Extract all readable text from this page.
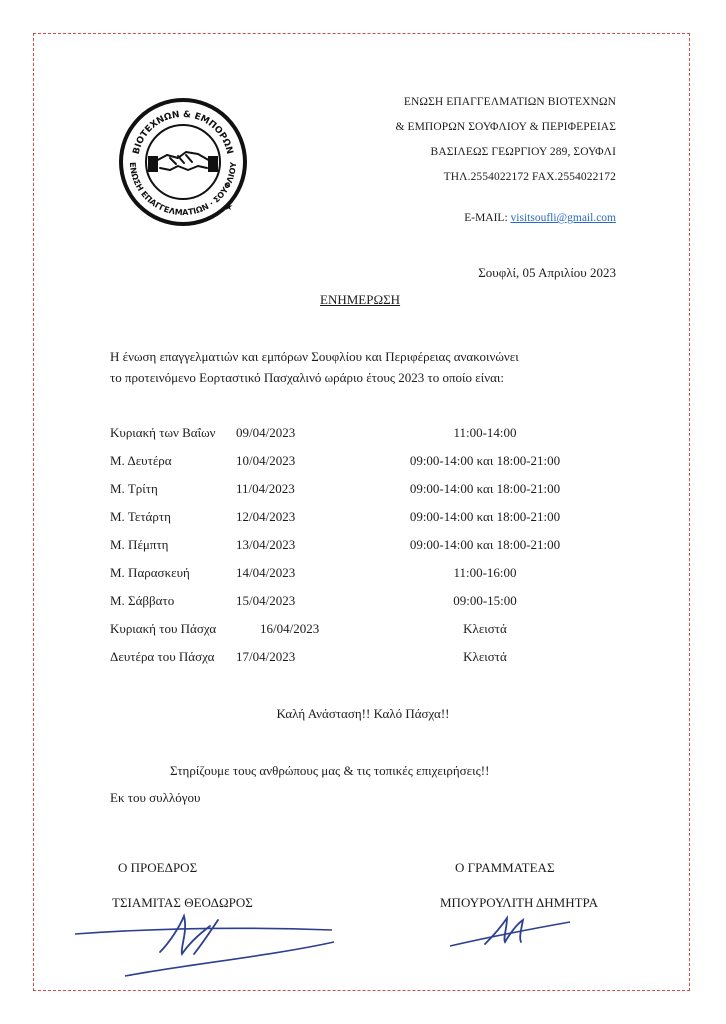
ΒΙΟΤΕΧΝΩΝ & ΕΜΠΟΡΩΝ
ΕΝΩΣΗ ΕΠΑΓΓΕΛΜΑΤΙΩΝ · ΣΟΥΦΛΙΟΥ
★
ΕΝΩΣΗ ΕΠΑΓΓΕΛΜΑΤΙΩΝ ΒΙΟΤΕΧΝΩΝ
& ΕΜΠΟΡΩΝ ΣΟΥΦΛΙΟΥ & ΠΕΡΙΦΕΡΕΙΑΣ
ΒΑΣΙΛΕΩΣ ΓΕΩΡΓΙΟΥ 289, ΣΟΥΦΛΙ
ΤΗΛ.2554022172 FAX.2554022172
E-MAIL: visitsoufli@gmail.com
Σουφλί, 05 Απριλίου 2023
ΕΝΗΜΕΡΩΣΗ
Η ένωση επαγγελματιών και εμπόρων Σουφλίου και Περιφέρειας ανακοινώνει
το προτεινόμενο Εορταστικό Πασχαλινό ωράριο έτους 2023 το οποίο είναι:
Κυριακή των Βαΐων 09/04/2023	11:00-14:00
Μ. Δευτέρα	10/04/2023	09:00-14:00 και 18:00-21:00
Μ. Τρίτη	11/04/2023	09:00-14:00 και 18:00-21:00
Μ. Τετάρτη	12/04/2023	09:00-14:00 και 18:00-21:00
Μ. Πέμπτη	13/04/2023	09:00-14:00 και 18:00-21:00
Μ. Παρασκευή	14/04/2023	11:00-16:00
Μ. Σάββατο	15/04/2023	09:00-15:00
Κυριακή του Πάσχα	16/04/2023	Κλειστά
Δευτέρα του Πάσχα 17/04/2023	Κλειστά
Καλή Ανάσταση!! Καλό Πάσχα!!
Στηρίζουμε τους ανθρώπους μας & τις τοπικές επιχειρήσεις!!
Εκ του συλλόγου
Ο ΠΡΟΕΔΡΟΣ
ΤΣΙΑΜΙΤΑΣ ΘΕΟΔΩΡΟΣ
Ο ΓΡΑΜΜΑΤΕΑΣ
ΜΠΟΥΡΟΥΛΙΤΗ ΔΗΜΗΤΡΑ
